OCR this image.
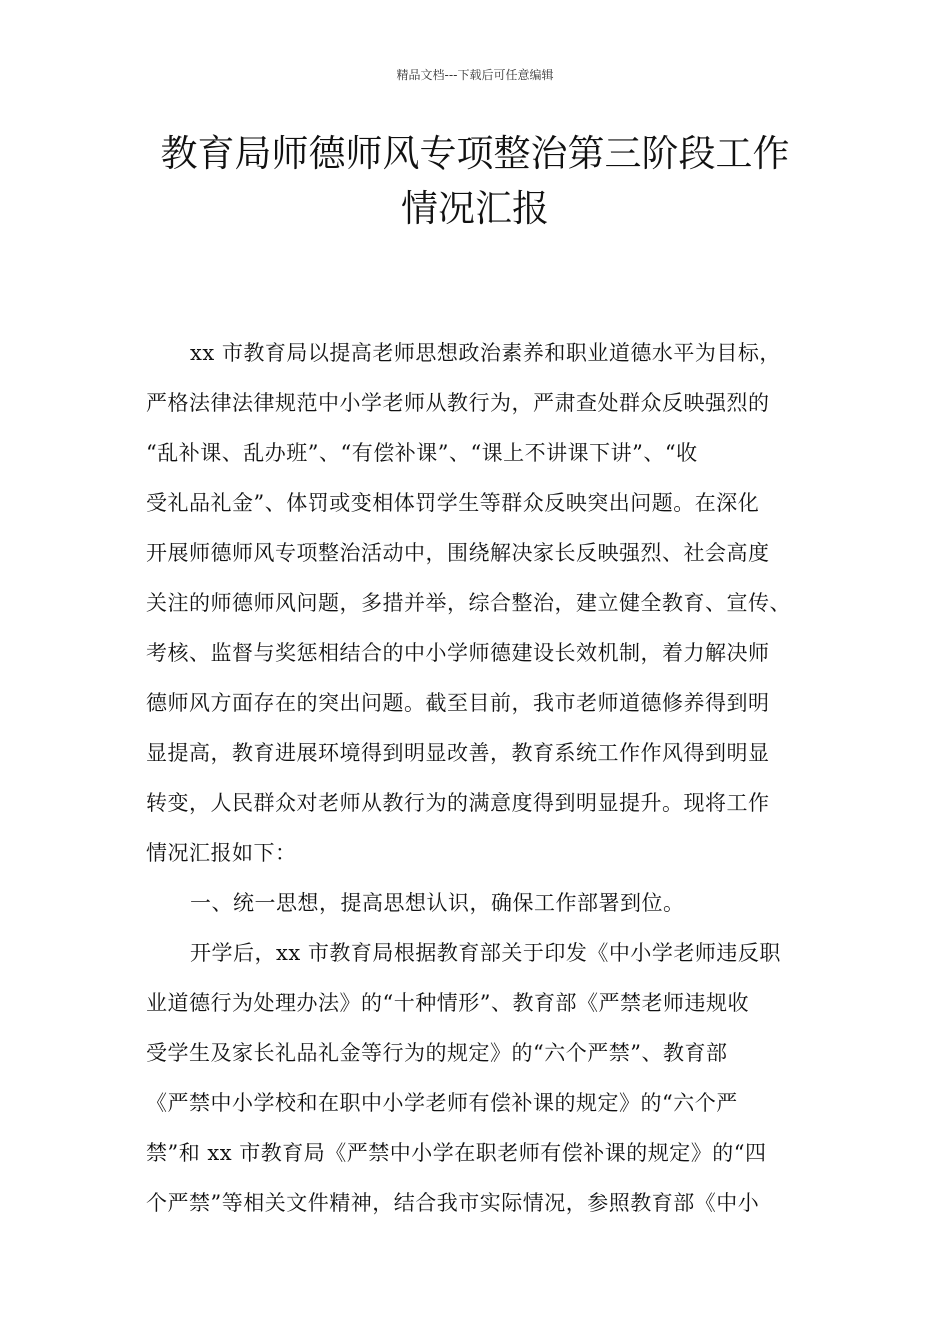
精品文档---下载后可任意编辑
教育局师德师风专项整治第三阶段工作
情况汇报
xx 市教育局以提高老师思想政治素养和职业道德水平为目标，
严格法律法律规范中小学老师从教行为，严肃查处群众反映强烈的
“乱补课、乱办班”、“有偿补课”、“课上不讲课下讲”、“收
受礼品礼金”、体罚或变相体罚学生等群众反映突出问题。在深化
开展师德师风专项整治活动中，围绕解决家长反映强烈、社会高度
关注的师德师风问题，多措并举，综合整治，建立健全教育、宣传、
考核、监督与奖惩相结合的中小学师德建设长效机制，着力解决师
德师风方面存在的突出问题。截至目前，我市老师道德修养得到明
显提高，教育进展环境得到明显改善，教育系统工作作风得到明显
转变，人民群众对老师从教行为的满意度得到明显提升。现将工作
情况汇报如下：
一、统一思想，提高思想认识，确保工作部署到位。
开学后，xx 市教育局根据教育部关于印发《中小学老师违反职
业道德行为处理办法》的“十种情形”、教育部《严禁老师违规收
受学生及家长礼品礼金等行为的规定》的“六个严禁”、教育部
《严禁中小学校和在职中小学老师有偿补课的规定》的“六个严
禁”和 xx 市教育局《严禁中小学在职老师有偿补课的规定》的“四
个严禁”等相关文件精神，结合我市实际情况，参照教育部《中小
